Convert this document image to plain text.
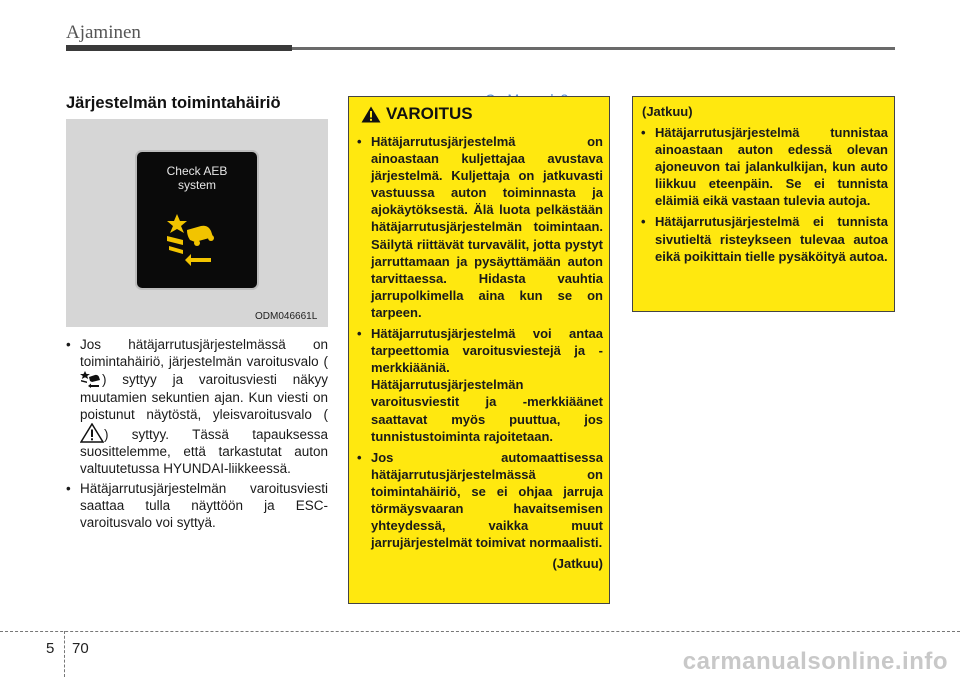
Ajaminen
Järjestelmän toimintahäiriö
Check AEB
system
ODM046661L
• Jos hätäjarrutusjärjestelmässä on toimintahäiriö, järjestelmän varoitusvalo () syttyy ja varoitusviesti näkyy muutamien sekuntien ajan. Kun viesti on poistunut näytöstä, yleisvaroitusvalo () syttyy. Tässä tapauksessa suosittelemme, että tarkastutat auton valtuutetussa HYUNDAI-liikkeessä.
• Hätäjarrutusjärjestelmän varoitusviesti saattaa tulla näyttöön ja ESC-varoitusvalo voi syttyä.
VAROITUS
• Hätäjarrutusjärjestelmä on ainoastaan kuljettajaa avustava järjestelmä. Kuljettaja on jatkuvasti vastuussa auton toiminnasta ja ajokäytöksestä. Älä luota pelkästään hätäjarrutusjärjestelmän toimintaan. Säilytä riittävät turvavälit, jotta pystyt jarruttamaan ja pysäyttämään auton tarvittaessa. Hidasta vauhtia jarrupolkimella aina kun se on tarpeen.
• Hätäjarrutusjärjestelmä voi antaa tarpeettomia varoitusviestejä ja -merkkiääniä. Hätäjarrutusjärjestelmän varoitusviestit ja -merkkiäänet saattavat myös puuttua, jos tunnistustoiminta rajoitetaan.
• Jos automaattisessa hätäjarrutusjärjestelmässä on toimintahäiriö, se ei ohjaa jarruja törmäysvaaran havaitsemisen yhteydessä, vaikka muut jarrujärjestelmät toimivat normaalisti.
(Jatkuu)
(Jatkuu)
• Hätäjarrutusjärjestelmä tunnistaa ainoastaan auton edessä olevan ajoneuvon tai jalankulkijan, kun auto liikkuu eteenpäin. Se ei tunnista eläimiä eikä vastaan tulevia autoja.
• Hätäjarrutusjärjestelmä ei tunnista sivutieltä risteykseen tulevaa autoa eikä poikittain tielle pysäköityä autoa.
5 70	carmanualsonline.info
